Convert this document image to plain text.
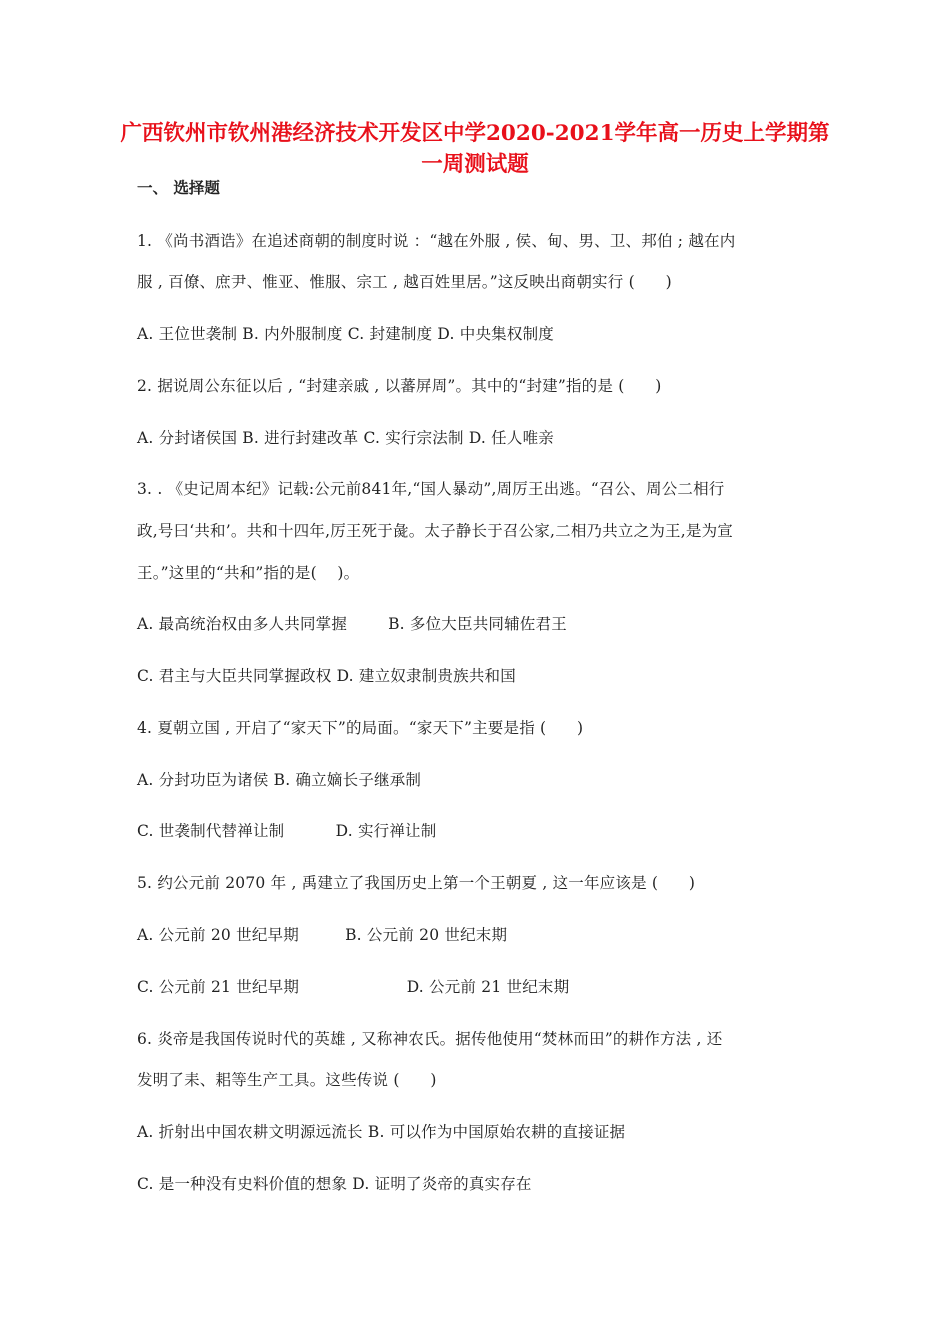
广西钦州市钦州港经济技术开发区中学2020-2021学年高一历史上学期第一周测试题
一、 选择题
1. 《尚书酒诰》在追述商朝的制度时说 ：“越在外服 , 侯、甸、男、卫、邦伯 ; 越在内
服 , 百僚、庶尹、惟亚、惟服、宗工 , 越百姓里居。”这反映出商朝实行 (      )
A. 王位世袭制 B. 内外服制度 C. 封建制度 D. 中央集权制度
2. 据说周公东征以后 , “封建亲戚 , 以蕃屏周”。其中的“封建”指的是 (      )
A. 分封诸侯国 B. 进行封建改革 C. 实行宗法制 D. 任人唯亲
3. . 《史记周本纪》记载:公元前841年,“国人暴动”,周厉王出逃。“召公、周公二相行
政,号曰‘共和’。共和十四年,厉王死于彘。太子静长于召公家,二相乃共立之为王,是为宣
王。”这里的“共和”指的是(    )。
A. 最高统治权由多人共同掌握        B. 多位大臣共同辅佐君王
C. 君主与大臣共同掌握政权 D. 建立奴隶制贵族共和国
4. 夏朝立国 , 开启了“家天下”的局面。“家天下”主要是指 (      )
A. 分封功臣为诸侯 B. 确立嫡长子继承制
C. 世袭制代替禅让制          D. 实行禅让制
5. 约公元前 2070 年 , 禹建立了我国历史上第一个王朝夏 , 这一年应该是 (      )
A. 公元前 20 世纪早期         B. 公元前 20 世纪末期
C. 公元前 21 世纪早期                     D. 公元前 21 世纪末期
6. 炎帝是我国传说时代的英雄 , 又称神农氏。据传他使用“焚林而田”的耕作方法 , 还
发明了耒、耜等生产工具。这些传说 (      )
A. 折射出中国农耕文明源远流长 B. 可以作为中国原始农耕的直接证据
C. 是一种没有史料价值的想象 D. 证明了炎帝的真实存在
